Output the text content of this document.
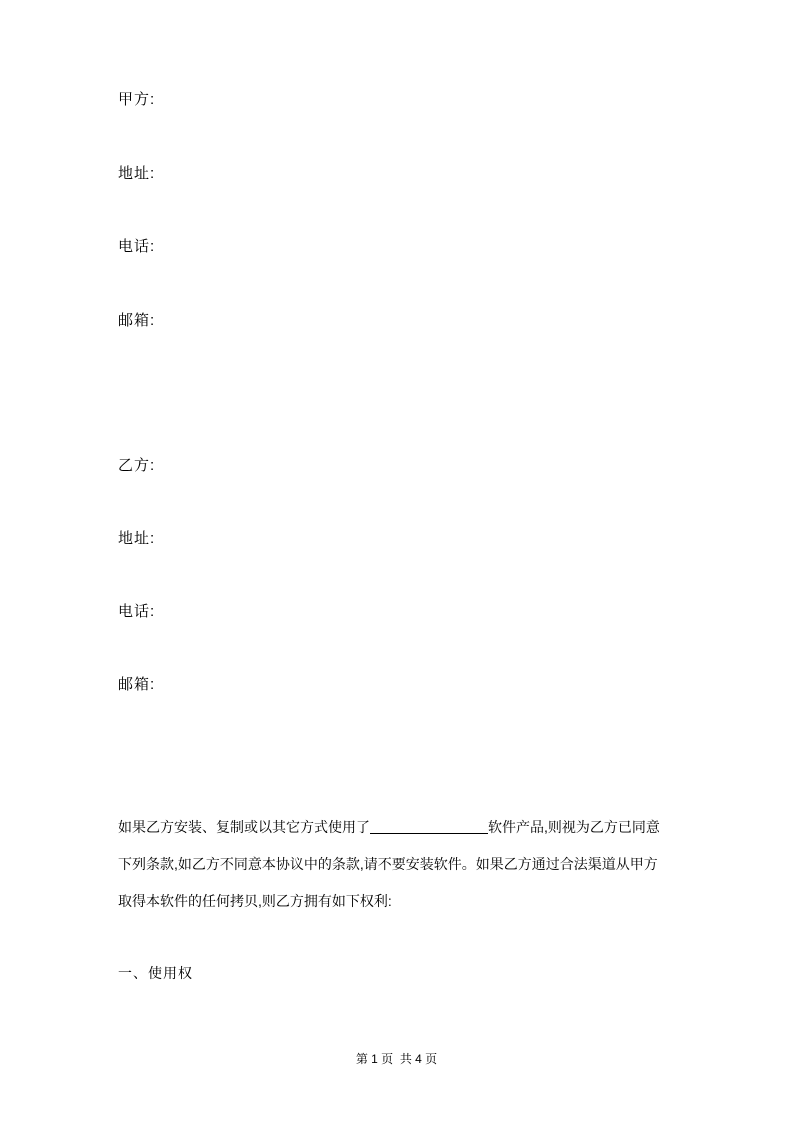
甲方:
地址:
电话:
邮箱:
乙方:
地址:
电话:
邮箱:
如果乙方安装、复制或以其它方式使用了	软件产品,则视为乙方已同意
下列条款,如乙方不同意本协议中的条款,请不要安装软件。如果乙方通过合法渠道从甲方
取得本软件的任何拷贝,则乙方拥有如下权利:
一、使用权
第 1 页  共 4 页
